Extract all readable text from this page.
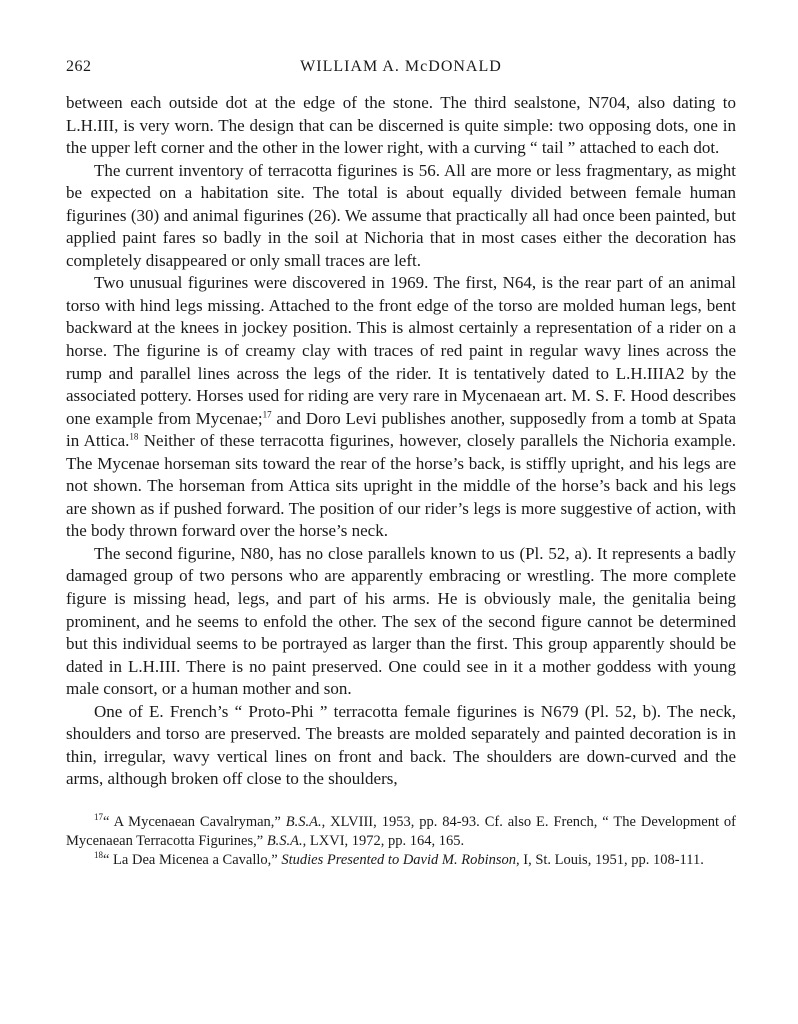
262	WILLIAM A. McDONALD

between each outside dot at the edge of the stone. The third sealstone, N704, also dating to L.H.III, is very worn. The design that can be discerned is quite simple: two opposing dots, one in the upper left corner and the other in the lower right, with a curving “ tail ” attached to each dot.

The current inventory of terracotta figurines is 56. All are more or less fragmentary, as might be expected on a habitation site. The total is about equally divided between female human figurines (30) and animal figurines (26). We assume that practically all had once been painted, but applied paint fares so badly in the soil at Nichoria that in most cases either the decoration has completely disappeared or only small traces are left.

Two unusual figurines were discovered in 1969. The first, N64, is the rear part of an animal torso with hind legs missing. Attached to the front edge of the torso are molded human legs, bent backward at the knees in jockey position. This is almost certainly a representation of a rider on a horse. The figurine is of creamy clay with traces of red paint in regular wavy lines across the rump and parallel lines across the legs of the rider. It is tentatively dated to L.H.IIIA2 by the associated pottery. Horses used for riding are very rare in Mycenaean art. M. S. F. Hood describes one example from Mycenae;$^{17}$ and Doro Levi publishes another, supposedly from a tomb at Spata in Attica.$^{18}$ Neither of these terracotta figurines, however, closely parallels the Nichoria example. The Mycenae horseman sits toward the rear of the horse’s back, is stiffly upright, and his legs are not shown. The horseman from Attica sits upright in the middle of the horse’s back and his legs are shown as if pushed forward. The position of our rider’s legs is more suggestive of action, with the body thrown forward over the horse’s neck.

The second figurine, N80, has no close parallels known to us (Pl. 52, a). It represents a badly damaged group of two persons who are apparently embracing or wrestling. The more complete figure is missing head, legs, and part of his arms. He is obviously male, the genitalia being prominent, and he seems to enfold the other. The sex of the second figure cannot be determined but this individual seems to be portrayed as larger than the first. This group apparently should be dated in L.H.III. There is no paint preserved. One could see in it a mother goddess with young male consort, or a human mother and son.

One of E. French’s “ Proto-Phi ” terracotta female figurines is N679 (Pl. 52, b). The neck, shoulders and torso are preserved. The breasts are molded separately and painted decoration is in thin, irregular, wavy vertical lines on front and back. The shoulders are down-curved and the arms, although broken off close to the shoulders,

$^{17}$“ A Mycenaean Cavalryman,” B.S.A., XLVIII, 1953, pp. 84-93. Cf. also E. French, “ The Development of Mycenaean Terracotta Figurines,” B.S.A., LXVI, 1972, pp. 164, 165.

$^{18}$“ La Dea Micenea a Cavallo,” Studies Presented to David M. Robinson, I, St. Louis, 1951, pp. 108-111.
